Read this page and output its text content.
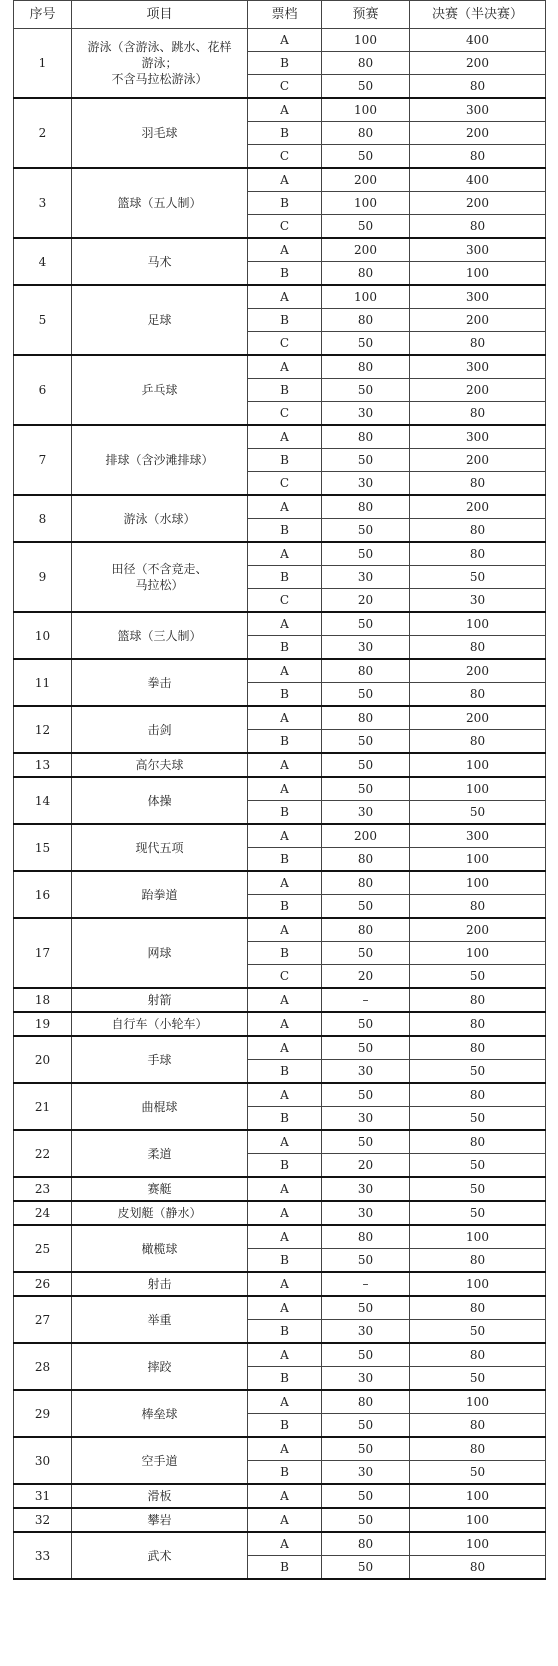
序号	项目	票档	预赛	决赛（半决赛）
1	游泳（含游泳、跳水、花样
游泳；
不含马拉松游泳）	A	100	400
		B	80	200
		C	50	80
2	羽毛球	A	100	300
		B	80	200
		C	50	80
3	篮球（五人制）	A	200	400
		B	100	200
		C	50	80
4	马术	A	200	300
		B	80	100
5	足球	A	100	300
		B	80	200
		C	50	80
6	乒乓球	A	80	300
		B	50	200
		C	30	80
7	排球（含沙滩排球）	A	80	300
		B	50	200
		C	30	80
8	游泳（水球）	A	80	200
		B	50	80
9	田径（不含竞走、
马拉松）	A	50	80
		B	30	50
		C	20	30
10	篮球（三人制）	A	50	100
		B	30	80
11	拳击	A	80	200
		B	50	80
12	击剑	A	80	200
		B	50	80
13	高尔夫球	A	50	100
14	体操	A	50	100
		B	30	50
15	现代五项	A	200	300
		B	80	100
16	跆拳道	A	80	100
		B	50	80
17	网球	A	80	200
		B	50	100
		C	20	50
18	射箭	A	–	80
19	自行车（小轮车）	A	50	80
20	手球	A	50	80
		B	30	50
21	曲棍球	A	50	80
		B	30	50
22	柔道	A	50	80
		B	20	50
23	赛艇	A	30	50
24	皮划艇（静水）	A	30	50
25	橄榄球	A	80	100
		B	50	80
26	射击	A	–	100
27	举重	A	50	80
		B	30	50
28	摔跤	A	50	80
		B	30	50
29	棒垒球	A	80	100
		B	50	80
30	空手道	A	50	80
		B	30	50
31	滑板	A	50	100
32	攀岩	A	50	100
33	武术	A	80	100
		B	50	80
